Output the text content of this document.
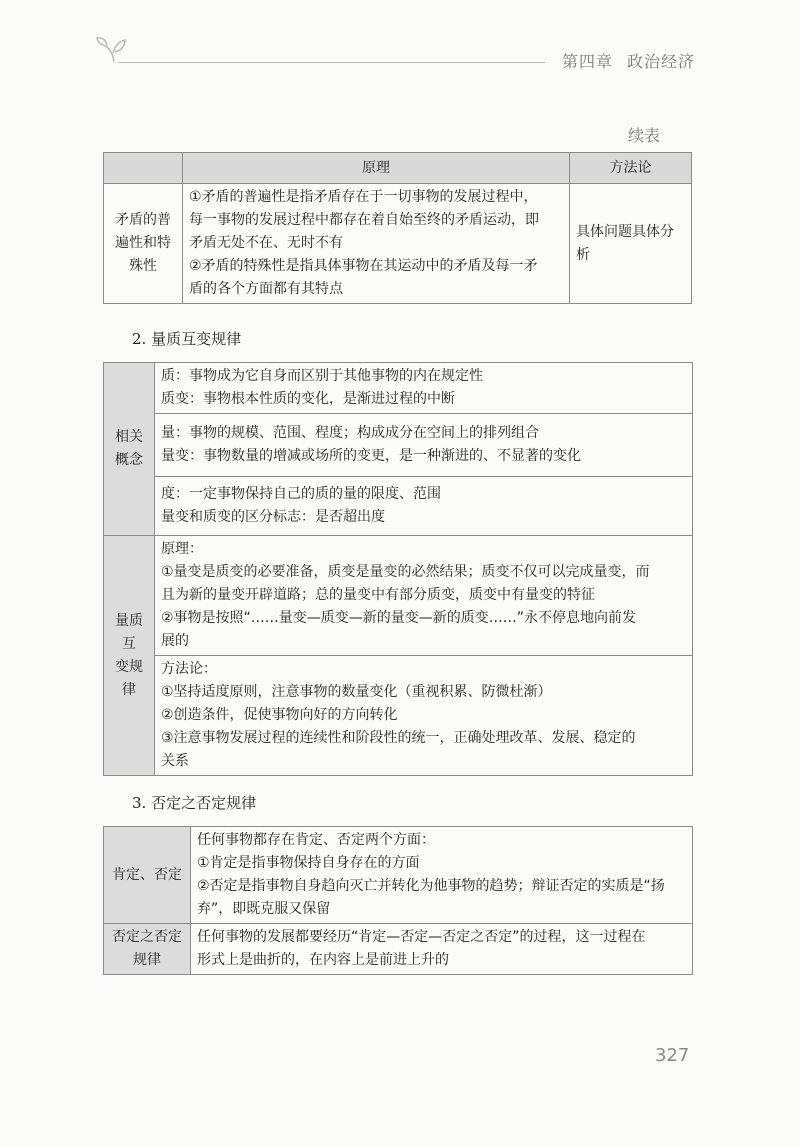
第四章 政治经济
续表
	原理	方法论

矛盾的普
遍性和特
殊性	①矛盾的普遍性是指矛盾存在于一切事物的发展过程中，
每一事物的发展过程中都存在着自始至终的矛盾运动，即
矛盾无处不在、无时不有
②矛盾的特殊性是指具体事物在其运动中的矛盾及每一矛
盾的各个方面都有其特点	具体问题具体分析
2. 量质互变规律
相关
概念	质：事物成为它自身而区别于其他事物的内在规定性
质变：事物根本性质的变化，是渐进过程的中断

	量：事物的规模、范围、程度；构成成分在空间上的排列组合
量变：事物数量的增减或场所的变更，是一种渐进的、不显著的变化

	度：一定事物保持自己的质的量的限度、范围
量变和质变的区分标志：是否超出度

量质互
变规律	原理：
①量变是质变的必要准备，质变是量变的必然结果；质变不仅可以完成量变，而
且为新的量变开辟道路；总的量变中有部分质变，质变中有量变的特征
②事物是按照“……量变—质变—新的量变—新的质变……”永不停息地向前发
展的

	方法论：
①坚持适度原则，注意事物的数量变化（重视积累、防微杜渐）
②创造条件，促使事物向好的方向转化
③注意事物发展过程的连续性和阶段性的统一，正确处理改革、发展、稳定的
关系
3. 否定之否定规律
肯定、否定	任何事物都存在肯定、否定两个方面：
①肯定是指事物保持自身存在的方面
②否定是指事物自身趋向灭亡并转化为他事物的趋势；辩证否定的实质是“扬
弃”，即既克服又保留

否定之否定
规律	任何事物的发展都要经历“肯定—否定—否定之否定”的过程，这一过程在
形式上是曲折的，在内容上是前进上升的
327
